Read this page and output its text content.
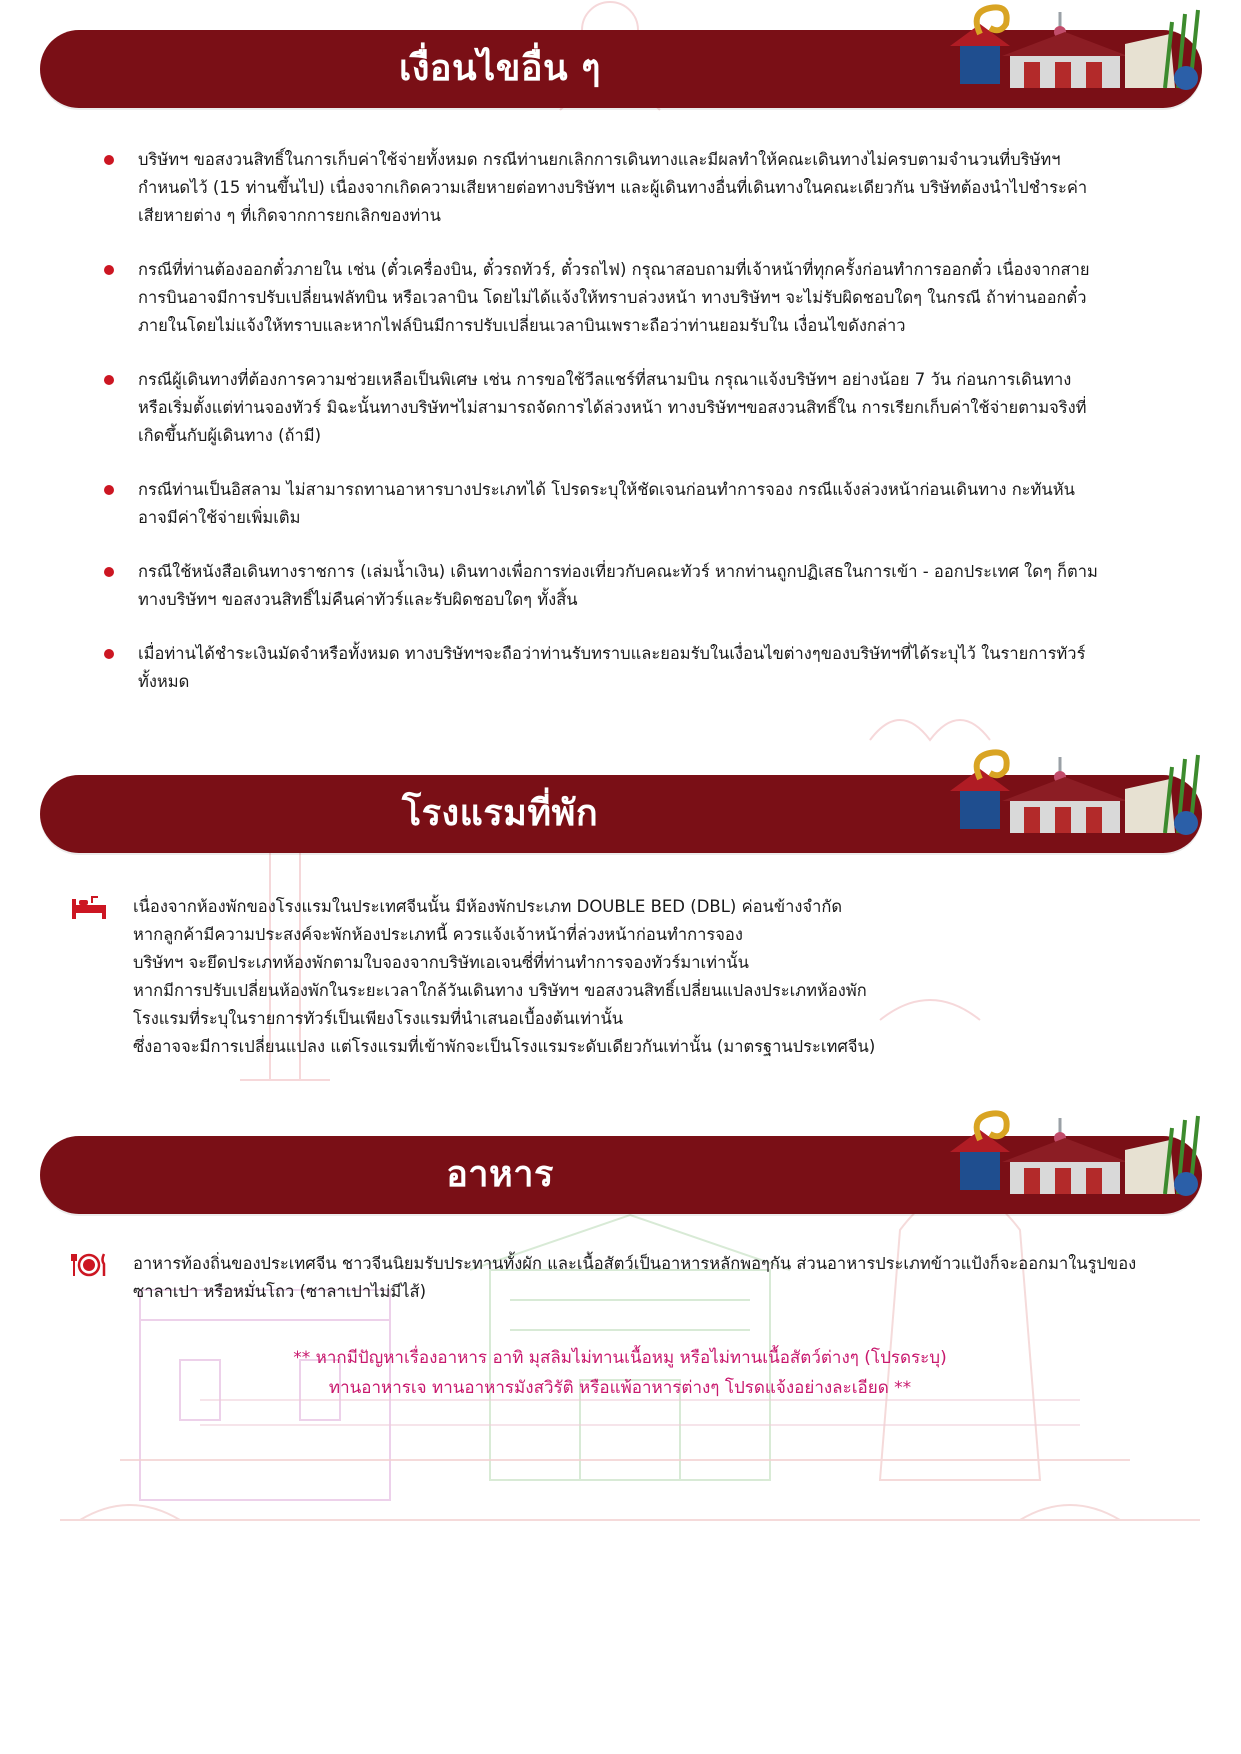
เงื่อนไขอื่น ๆ
บริษัทฯ ขอสงวนสิทธิ์ในการเก็บค่าใช้จ่ายทั้งหมด กรณีท่านยกเลิกการเดินทางและมีผลทำให้คณะเดินทางไม่ครบตามจำนวนที่บริษัทฯ กำหนดไว้ (15 ท่านขึ้นไป) เนื่องจากเกิดความเสียหายต่อทางบริษัทฯ และผู้เดินทางอื่นที่เดินทางในคณะเดียวกัน บริษัทต้องนำไปชำระค่าเสียหายต่าง ๆ ที่เกิดจากการยกเลิกของท่าน
กรณีที่ท่านต้องออกตั๋วภายใน เช่น (ตั๋วเครื่องบิน, ตั๋วรถทัวร์, ตั๋วรถไฟ) กรุณาสอบถามที่เจ้าหน้าที่ทุกครั้งก่อนทำการออกตั๋ว เนื่องจากสายการบินอาจมีการปรับเปลี่ยนฟลัทบิน หรือเวลาบิน โดยไม่ได้แจ้งให้ทราบล่วงหน้า ทางบริษัทฯ จะไม่รับผิดชอบใดๆ ในกรณี ถ้าท่านออกตั๋วภายในโดยไม่แจ้งให้ทราบและหากไฟล์บินมีการปรับเปลี่ยนเวลาบินเพราะถือว่าท่านยอมรับใน เงื่อนไขดังกล่าว
กรณีผู้เดินทางที่ต้องการความช่วยเหลือเป็นพิเศษ เช่น การขอใช้วีลแชร์ที่สนามบิน กรุณาแจ้งบริษัทฯ อย่างน้อย 7 วัน ก่อนการเดินทาง หรือเริ่มตั้งแต่ท่านจองทัวร์ มิฉะนั้นทางบริษัทฯไม่สามารถจัดการได้ล่วงหน้า ทางบริษัทฯขอสงวนสิทธิ์ใน การเรียกเก็บค่าใช้จ่ายตามจริงที่เกิดขึ้นกับผู้เดินทาง (ถ้ามี)
กรณีท่านเป็นอิสลาม ไม่สามารถทานอาหารบางประเภทได้ โปรดระบุให้ชัดเจนก่อนทำการจอง กรณีแจ้งล่วงหน้าก่อนเดินทาง กะทันหัน อาจมีค่าใช้จ่ายเพิ่มเติม
กรณีใช้หนังสือเดินทางราชการ (เล่มน้ำเงิน) เดินทางเพื่อการท่องเที่ยวกับคณะทัวร์ หากท่านถูกปฏิเสธในการเข้า - ออกประเทศ ใดๆ ก็ตาม ทางบริษัทฯ ขอสงวนสิทธิ์ไม่คืนค่าทัวร์และรับผิดชอบใดๆ ทั้งสิ้น
เมื่อท่านได้ชำระเงินมัดจำหรือทั้งหมด ทางบริษัทฯจะถือว่าท่านรับทราบและยอมรับในเงื่อนไขต่างๆของบริษัทฯที่ได้ระบุไว้ ในรายการทัวร์ทั้งหมด
โรงแรมที่พัก
เนื่องจากห้องพักของโรงแรมในประเทศจีนนั้น มีห้องพักประเภท DOUBLE BED (DBL) ค่อนข้างจำกัด
หากลูกค้ามีความประสงค์จะพักห้องประเภทนี้ ควรแจ้งเจ้าหน้าที่ล่วงหน้าก่อนทำการจอง
บริษัทฯ จะยึดประเภทห้องพักตามใบจองจากบริษัทเอเจนซี่ที่ท่านทำการจองทัวร์มาเท่านั้น
หากมีการปรับเปลี่ยนห้องพักในระยะเวลาใกล้วันเดินทาง บริษัทฯ ขอสงวนสิทธิ์เปลี่ยนแปลงประเภทห้องพัก
โรงแรมที่ระบุในรายการทัวร์เป็นเพียงโรงแรมที่นำเสนอเบื้องต้นเท่านั้น
ซึ่งอาจจะมีการเปลี่ยนแปลง แต่โรงแรมที่เข้าพักจะเป็นโรงแรมระดับเดียวกันเท่านั้น (มาตรฐานประเทศจีน)
อาหาร
อาหารท้องถิ่นของประเทศจีน ชาวจีนนิยมรับประทานทั้งผัก และเนื้อสัตว์เป็นอาหารหลักพอๆกัน ส่วนอาหารประเภทข้าวแป้งก็จะออกมาในรูปของซาลาเปา หรือหมั่นโถว (ซาลาเปาไม่มีไส้)
** หากมีปัญหาเรื่องอาหาร อาทิ มุสลิมไม่ทานเนื้อหมู หรือไม่ทานเนื้อสัตว์ต่างๆ (โปรดระบุ)
ทานอาหารเจ ทานอาหารมังสวิรัติ หรือแพ้อาหารต่างๆ โปรดแจ้งอย่างละเอียด **
